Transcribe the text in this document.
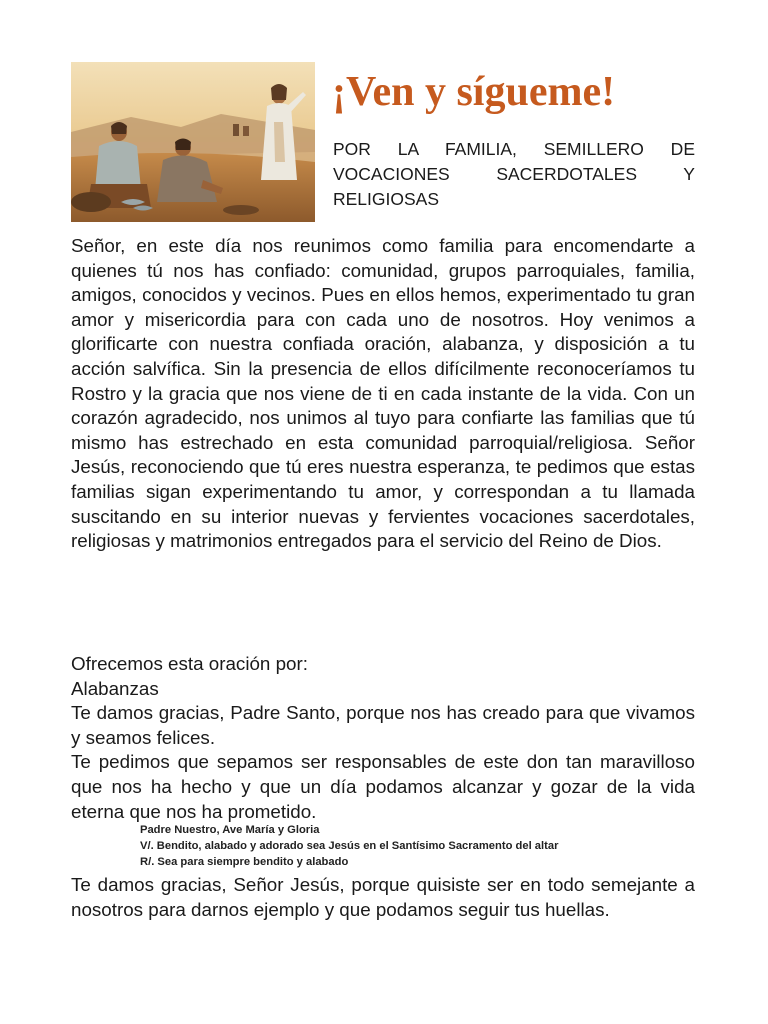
¡Ven y sígueme!
POR LA FAMILIA, SEMILLERO DE VOCACIONES SACERDOTALES Y RELIGIOSAS
Señor, en este día nos reunimos como familia para encomendarte a quienes tú nos has confiado: comunidad, grupos parroquiales, familia, amigos, conocidos y vecinos. Pues en ellos hemos, experimentado tu gran amor y misericordia para con cada uno de nosotros. Hoy venimos a glorificarte con nuestra confiada oración, alabanza, y disposición a tu acción salvífica. Sin la presencia de ellos difícilmente reconoceríamos tu Rostro y la gracia que nos viene de ti en cada instante de la vida. Con un corazón agradecido, nos unimos al tuyo para confiarte las familias que tú mismo has estrechado en esta comunidad parroquial/religiosa. Señor Jesús, reconociendo que tú eres nuestra esperanza, te pedimos que estas familias sigan experimentando tu amor, y correspondan a tu llamada suscitando en su interior nuevas y fervientes vocaciones sacerdotales, religiosas y matrimonios entregados para el servicio del Reino de Dios.

Ofrecemos esta oración por:

Alabanzas

Te damos gracias, Padre Santo, porque nos has creado para que vivamos y seamos felices.

Te pedimos que sepamos ser responsables de este don tan maravilloso que nos ha hecho y que un día podamos alcanzar y gozar de la vida eterna que nos ha prometido.

Padre Nuestro, Ave María y Gloria
V/. Bendito, alabado y adorado sea Jesús en el Santísimo Sacramento del altar
R/. Sea para siempre bendito y alabado
Te damos gracias, Señor Jesús, porque quisiste ser en todo semejante a nosotros para darnos ejemplo y que podamos seguir tus huellas.
